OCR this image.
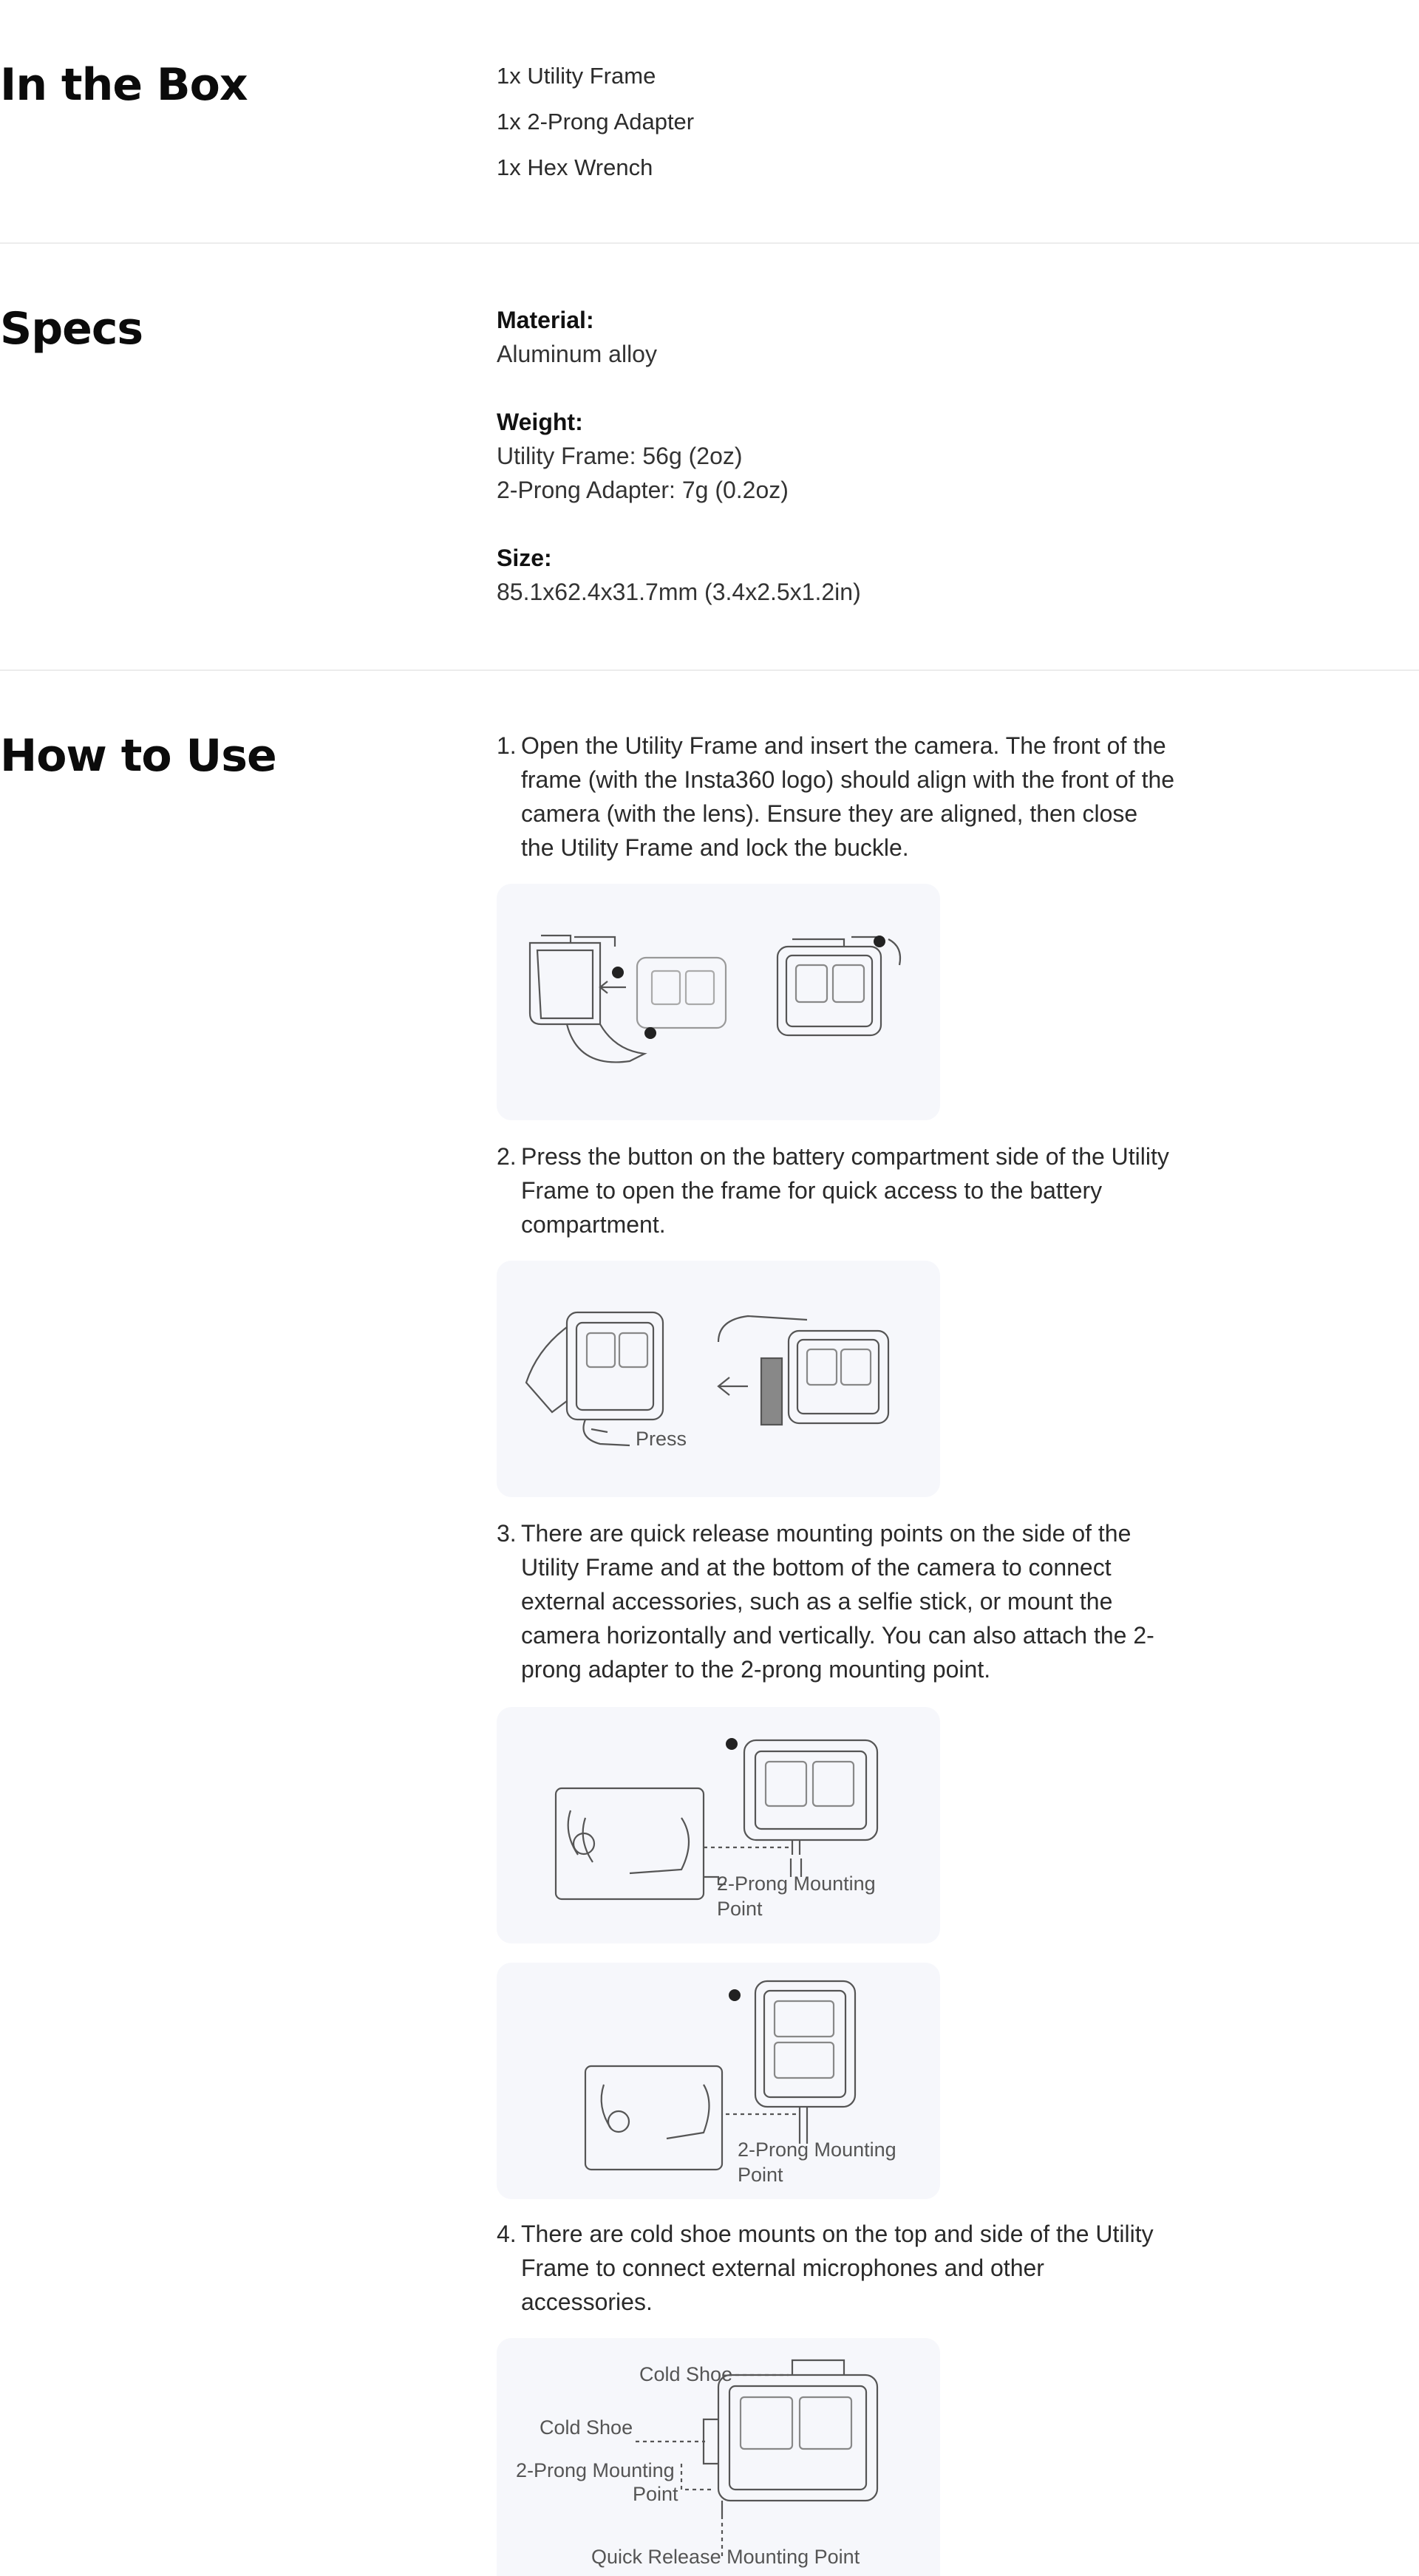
In the Box	1x Utility Frame
1x 2-Prong Adapter
1x Hex Wrench
Specs	Material:
Aluminum alloy
Weight:
Utility Frame: 56g (2oz)
2-Prong Adapter: 7g (0.2oz)
Size:
85.1x62.4x31.7mm (3.4x2.5x1.2in)
How to Use	1. Open the Utility Frame and insert the camera. The front of the frame (with the Insta360 logo) should align with the front of the camera (with the lens). Ensure they are aligned, then close the Utility Frame and lock the buckle.
2. Press the button on the battery compartment side of the Utility Frame to open the frame for quick access to the battery compartment.
Press
3. There are quick release mounting points on the side of the Utility Frame and at the bottom of the camera to connect external accessories, such as a selfie stick, or mount the camera horizontally and vertically. You can also attach the 2-prong adapter to the 2-prong mounting point.
2-Prong Mounting
Point
2-Prong Mounting
Point
4. There are cold shoe mounts on the top and side of the Utility Frame to connect external microphones and other accessories.
Cold Shoe
Cold Shoe
2-Prong Mounting
Point
Quick Release Mounting Point
